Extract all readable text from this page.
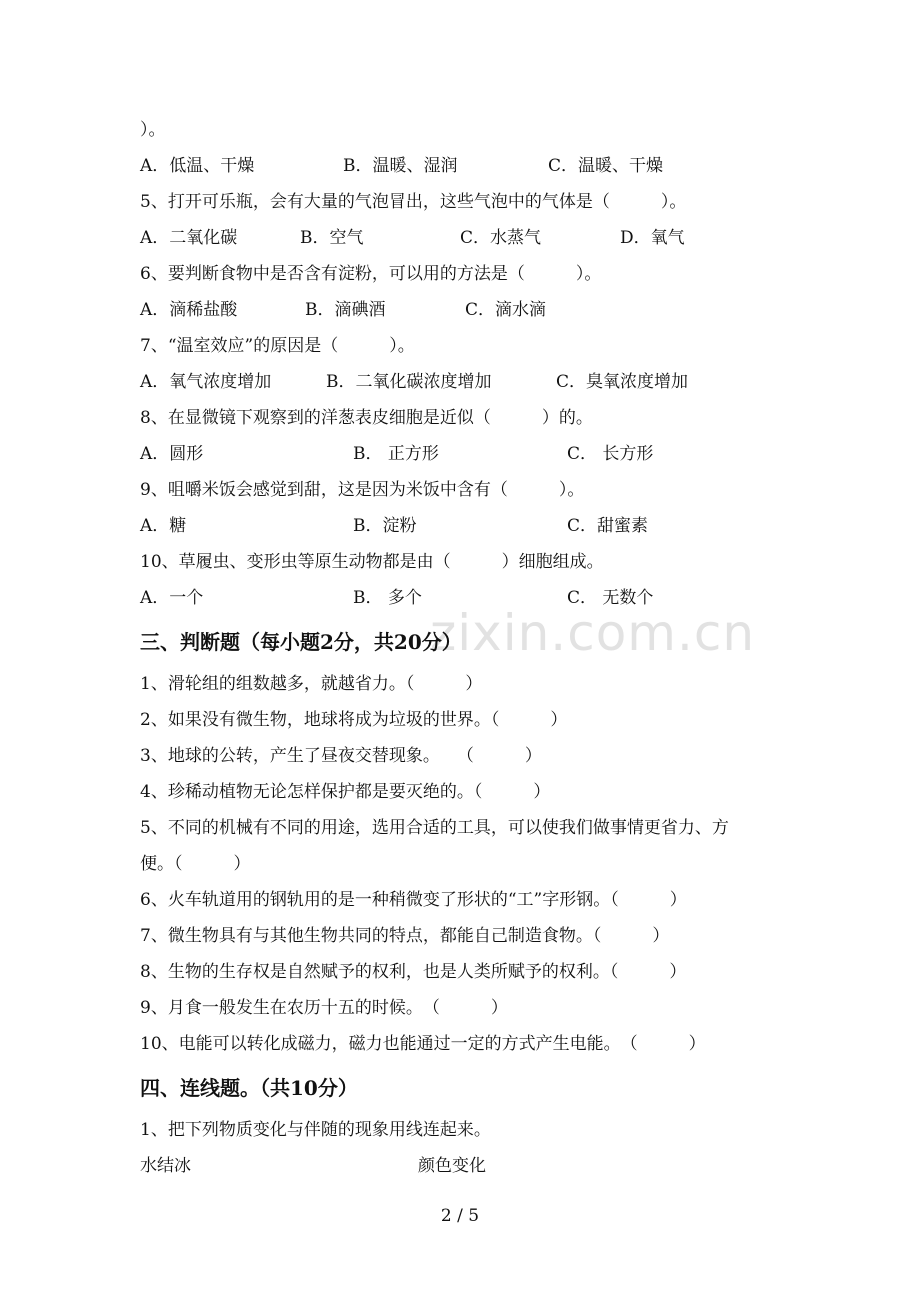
zixin.com.cn
）。
A．低温、干燥	B．温暖、湿润	C．温暖、干燥
5、打开可乐瓶，会有大量的气泡冒出，这些气泡中的气体是（　　　）。
A．二氧化碳	B．空气	C．水蒸气	D．氧气
6、要判断食物中是否含有淀粉，可以用的方法是（　　　）。
A．滴稀盐酸	B．滴碘酒	C．滴水滴
7、“温室效应”的原因是（　　　）。
A．氧气浓度增加	B．二氧化碳浓度增加	C．臭氧浓度增加
8、在显微镜下观察到的洋葱表皮细胞是近似（　　　）的。
A．圆形	B． 正方形	C． 长方形
9、咀嚼米饭会感觉到甜，这是因为米饭中含有（　　　）。
A．糖	B．淀粉	C．甜蜜素
10、草履虫、变形虫等原生动物都是由（　　　）细胞组成。
A．一个	B． 多个	C． 无数个
三、判断题（每小题2分，共20分）
1、滑轮组的组数越多，就越省力。（　　　）
2、如果没有微生物，地球将成为垃圾的世界。（　　　）
3、地球的公转，产生了昼夜交替现象。　　（　　　）
4、珍稀动植物无论怎样保护都是要灭绝的。（　　　）
5、不同的机械有不同的用途，选用合适的工具，可以使我们做事情更省力、方
便。（　　　）
6、火车轨道用的钢轨用的是一种稍微变了形状的“工”字形钢。（　　　）
7、微生物具有与其他生物共同的特点，都能自己制造食物。（　　　）
8、生物的生存权是自然赋予的权利，也是人类所赋予的权利。（　　　）
9、月食一般发生在农历十五的时候。　（　　　）
10、电能可以转化成磁力，磁力也能通过一定的方式产生电能。　（　　　）
四、连线题。（共10分）
1、把下列物质变化与伴随的现象用线连起来。
水结冰	颜色变化
2 / 5
